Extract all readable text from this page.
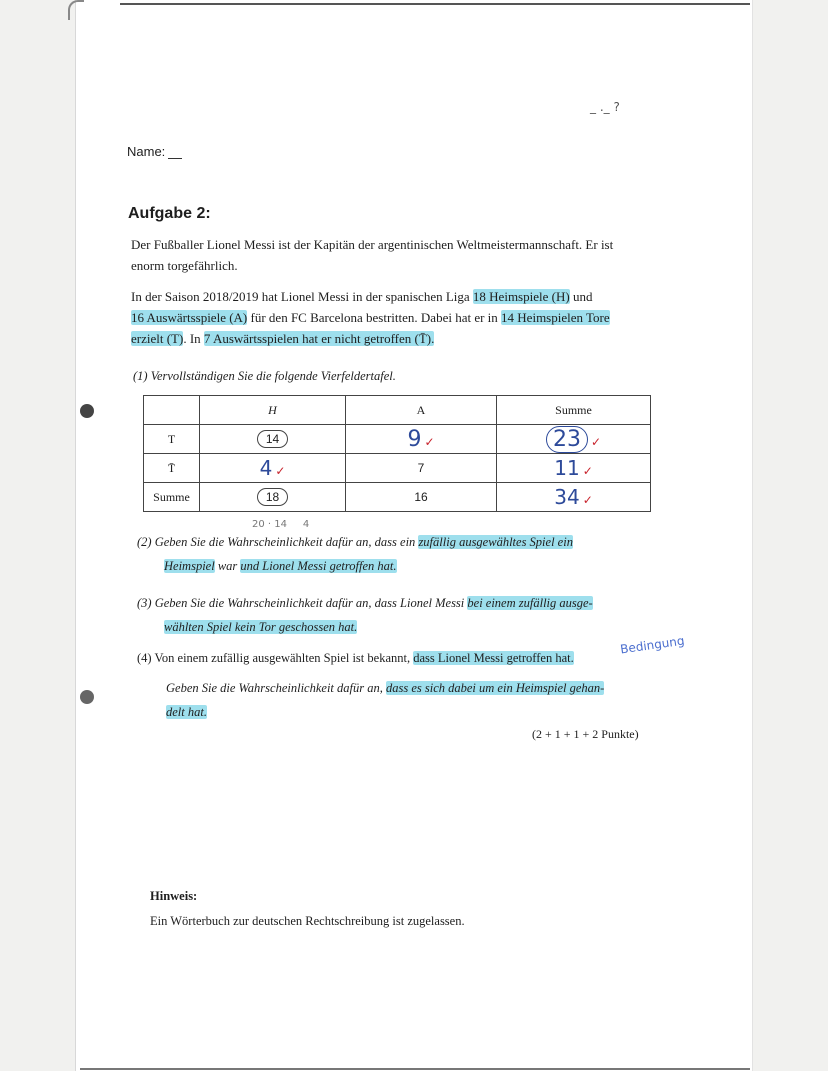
_ ._ ?
Name:
Aufgabe 2:

Der Fußballer Lionel Messi ist der Kapitän der argentinischen Weltmeistermannschaft. Er ist

enorm torgefährlich.

In der Saison 2018/2019 hat Lionel Messi in der spanischen Liga 18 Heimspiele (H) und

16 Auswärtsspiele (A) für den FC Barcelona bestritten. Dabei hat er in 14 Heimspielen Tore

erzielt (T). In 7 Auswärtsspielen hat er nicht getroffen (T̄).

(1) Vervollständigen Sie die folgende Vierfeldertafel.
	H	A	Summe
T	14	9 ✓	23 ✓
T̄	4 ✓	7	11 ✓
Summe	18	16	34 ✓
20 · 14     4

(2) Geben Sie die Wahrscheinlichkeit dafür an, dass ein zufällig ausgewähltes Spiel ein

Heimspiel war und Lionel Messi getroffen hat.

(3) Geben Sie die Wahrscheinlichkeit dafür an, dass Lionel Messi bei einem zufällig ausge-

wählten Spiel kein Tor geschossen hat.

(4) Von einem zufällig ausgewählten Spiel ist bekannt, dass Lionel Messi getroffen hat.

Geben Sie die Wahrscheinlichkeit dafür an, dass es sich dabei um ein Heimspiel gehan-

delt hat.

Bedingung
(2 + 1 + 1 + 2 Punkte)
Hinweis:
Ein Wörterbuch zur deutschen Rechtschreibung ist zugelassen.
